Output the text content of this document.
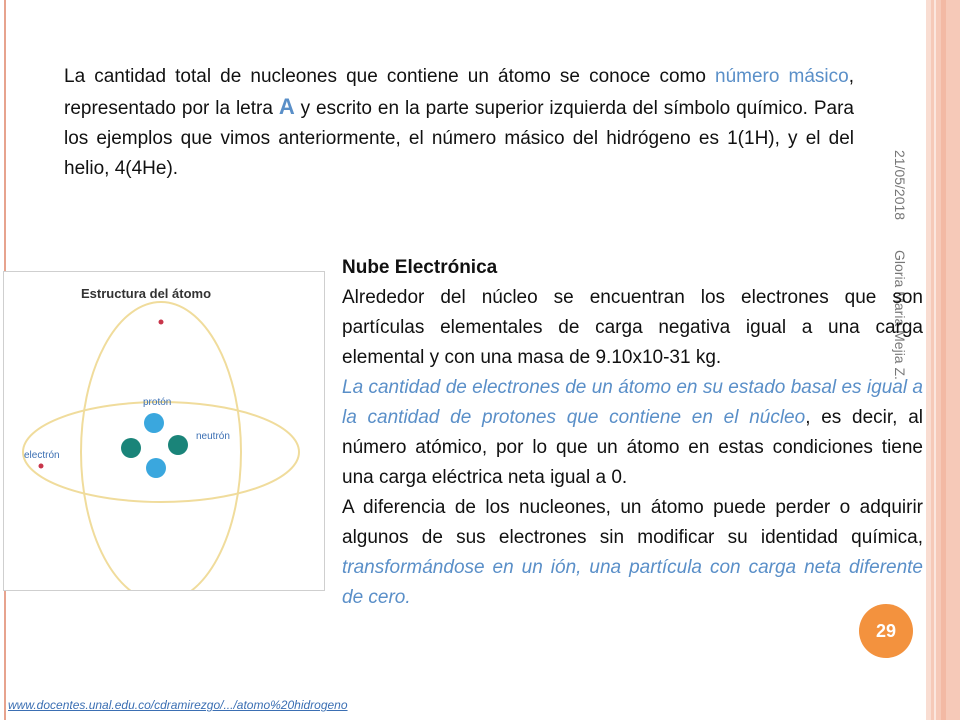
La cantidad total de nucleones que contiene un átomo se conoce como número másico, representado por la letra A y escrito en la parte superior izquierda del símbolo químico. Para los ejemplos que vimos anteriormente, el número másico del hidrógeno es 1(1H), y el del helio, 4(4He).	21/05/2018
Gloria Maria Mejia Z.
Estructura del átomo
protón
neutrón
electrón

Nube Electrónica

Alrededor del núcleo se encuentran los electrones que son partículas elementales de carga negativa igual a una carga elemental y con una masa de 9.10x10-31 kg.

La cantidad de electrones de un átomo en su estado basal es igual a la cantidad de protones que contiene en el núcleo, es decir, al número atómico, por lo que un átomo en estas condiciones tiene una carga eléctrica neta igual a 0.

A diferencia de los nucleones, un átomo puede perder o adquirir algunos de sus electrones sin modificar su identidad química, transformándose en un ión, una partícula con carga neta diferente de cero.

29
www.docentes.unal.edu.co/cdramirezgo/.../atomo%20hidrogeno
